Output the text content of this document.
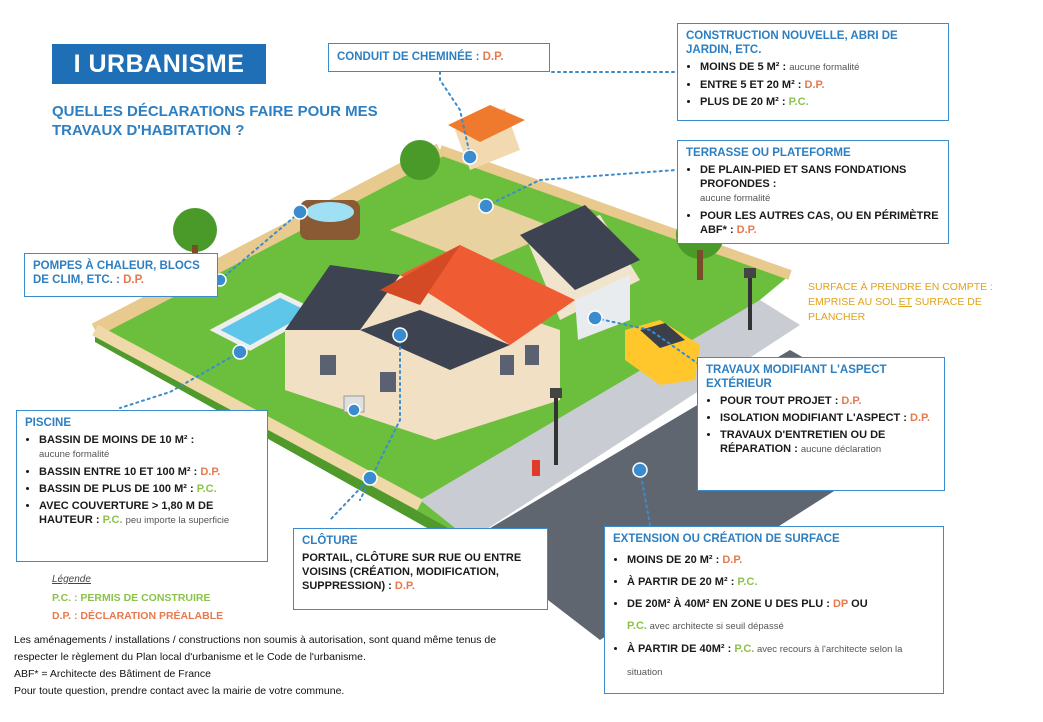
I URBANISME
QUELLES DÉCLARATIONS FAIRE POUR MES TRAVAUX D'HABITATION ?
CONDUIT DE CHEMINÉE : D.P.
CONSTRUCTION NOUVELLE, ABRI DE JARDIN, ETC.
• MOINS DE 5 M² : aucune formalité
• ENTRE 5 ET 20 M² : D.P.
• PLUS DE 20 M² : P.C.
TERRASSE OU PLATEFORME
• DE PLAIN-PIED ET SANS FONDATIONS PROFONDES :
aucune formalité
• POUR LES AUTRES CAS, OU EN PÉRIMÈTRE ABF* : D.P.
POMPES À CHALEUR, BLOCS DE CLIM, ETC. : D.P.
SURFACE À PRENDRE EN COMPTE :
EMPRISE AU SOL ET SURFACE DE PLANCHER
TRAVAUX MODIFIANT L'ASPECT EXTÉRIEUR
• POUR TOUT PROJET : D.P.
• ISOLATION MODIFIANT L'ASPECT : D.P.
• TRAVAUX D'ENTRETIEN OU DE RÉPARATION : aucune déclaration
PISCINE
• BASSIN DE MOINS DE 10 M² :
aucune formalité
• BASSIN ENTRE 10 ET 100 M² : D.P.
• BASSIN DE PLUS DE 100 M² : P.C.
• AVEC COUVERTURE > 1,80 M DE HAUTEUR : P.C. peu importe la superficie
CLÔTURE
PORTAIL, CLÔTURE SUR RUE OU ENTRE VOISINS (CRÉATION, MODIFICATION, SUPPRESSION) : D.P.
EXTENSION OU CRÉATION DE SURFACE
• MOINS DE 20 M² : D.P.
• À PARTIR DE 20 M² : P.C.
• DE 20M² À 40M² EN ZONE U DES PLU : DP OU
P.C. avec architecte si seuil dépassé
• À PARTIR DE 40M² : P.C. avec recours à l'architecte selon la situation
Légende
P.C. : PERMIS DE CONSTRUIRE
D.P. : DÉCLARATION PRÉALABLE
Les aménagements / installations / constructions non soumis à autorisation, sont quand même tenus de
respecter le règlement du Plan local d'urbanisme et le Code de l'urbanisme.
ABF* = Architecte des Bâtiment de France
Pour toute question, prendre contact avec la mairie de votre commune.
